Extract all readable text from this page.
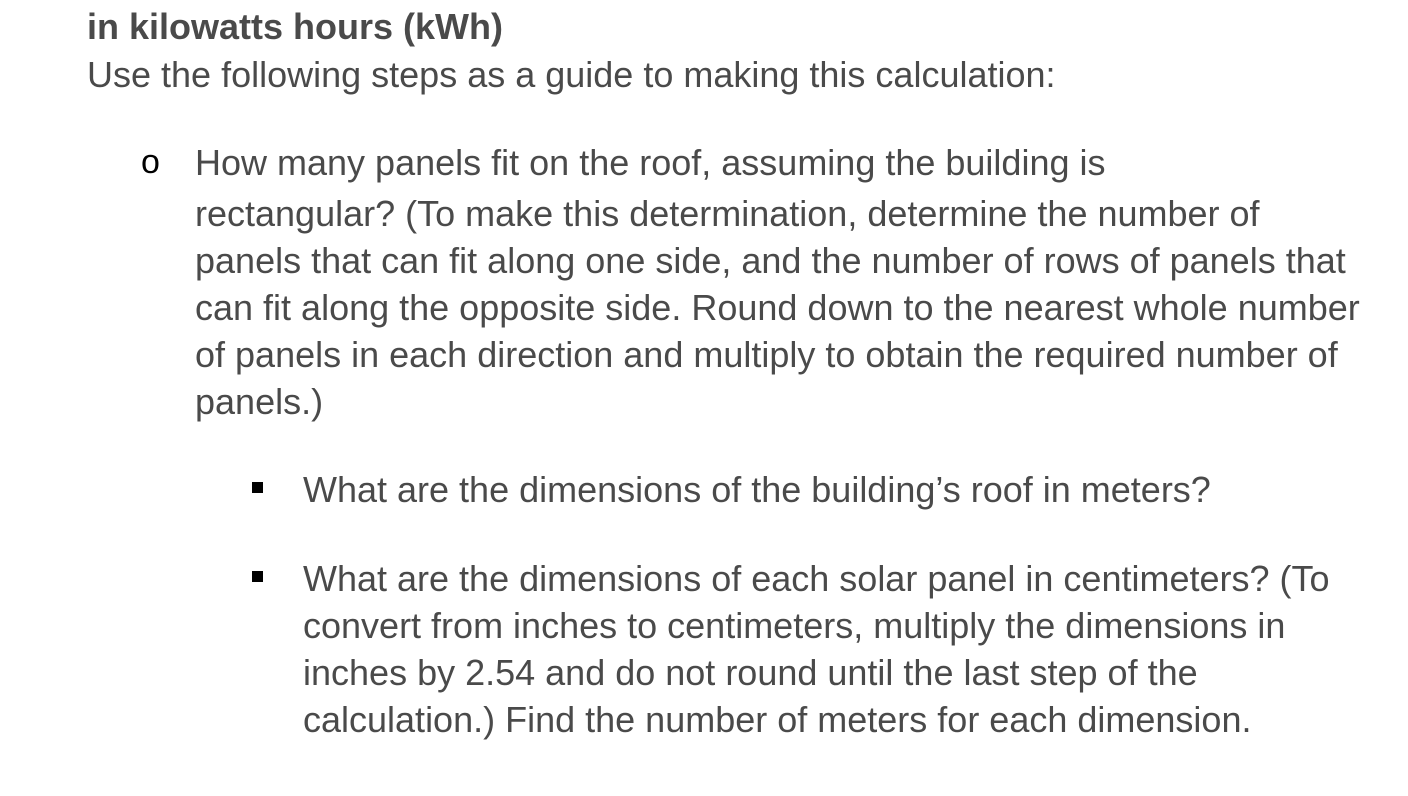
in kilowatts hours (kWh)
Use the following steps as a guide to making this calculation:
o How many panels fit on the roof, assuming the building is
rectangular? (To make this determination, determine the number of panels that can fit along one side, and the number of rows of panels that can fit along the opposite side. Round down to the nearest whole number of panels in each direction and multiply to obtain the required number of panels.)
What are the dimensions of the building’s roof in meters?
What are the dimensions of each solar panel in centimeters? (To convert from inches to centimeters, multiply the dimensions in inches by 2.54 and do not round until the last step of the calculation.) Find the number of meters for each dimension.
